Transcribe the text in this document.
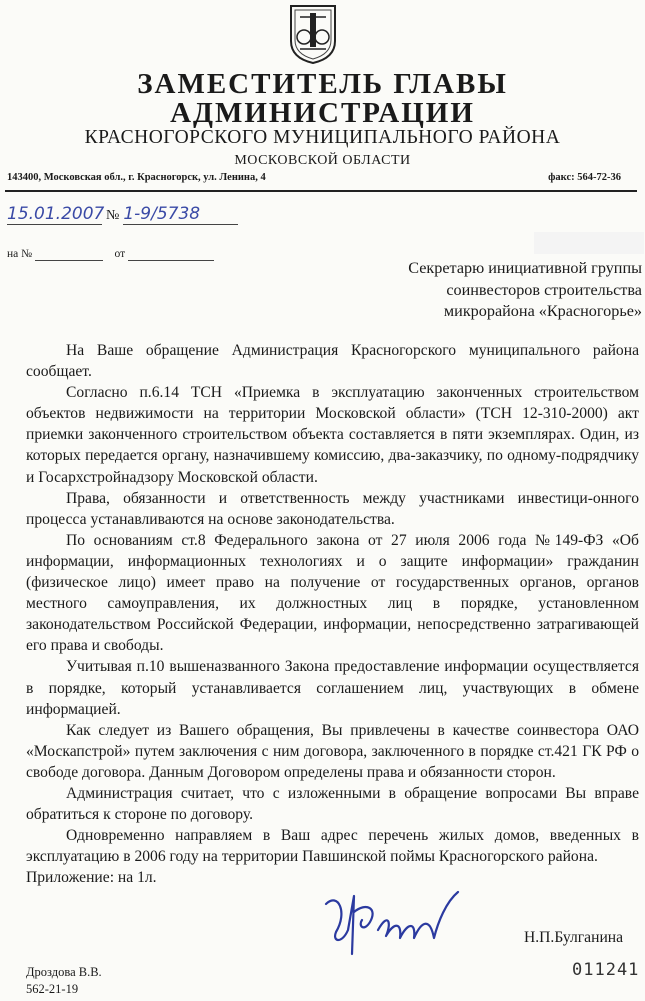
ЗАМЕСТИТЕЛЬ ГЛАВЫ
АДМИНИСТРАЦИИ
КРАСНОГОРСКОГО МУНИЦИПАЛЬНОГО РАЙОНА
МОСКОВСКОЙ ОБЛАСТИ
143400, Московская обл., г. Красногорск, ул. Ленина, 4	факс: 564-72-36
15.01.2007 № 1-9/5738
на №	от
Секретарю инициативной группы
соинвесторов строительства
микрорайона «Красногорье»

На Ваше обращение Администрация Красногорского муниципального района сообщает.

Согласно п.6.14 ТСН «Приемка в эксплуатацию законченных строительством объектов недвижимости на территории Московской области» (ТСН 12-310-2000) акт приемки законченного строительством объекта составляется в пяти экземплярах. Один, из которых передается органу, назначившему комиссию, два-заказчику, по одному-подрядчику и Госархстройнадзору Московской области.

Права, обязанности и ответственность между участниками инвестици-онного процесса устанавливаются на основе законодательства.

По основаниям ст.8 Федерального закона от 27 июля 2006 года №149-ФЗ «Об информации, информационных технологиях и о защите информации» гражданин (физическое лицо) имеет право на получение от государственных органов, органов местного самоуправления, их должностных лиц в порядке, установленном законодательством Российской Федерации, информации, непосредственно затрагивающей его права и свободы.

Учитывая п.10 вышеназванного Закона предоставление информации осуществляется в порядке, который устанавливается соглашением лиц, участвующих в обмене информацией.

Как следует из Вашего обращения, Вы привлечены в качестве соинвестора ОАО «Москапстрой» путем заключения с ним договора, заключенного в порядке ст.421 ГК РФ о свободе договора. Данным Договором определены права и обязанности сторон.

Администрация считает, что с изложенными в обращение вопросами Вы вправе обратиться к стороне по договору.

Одновременно направляем в Ваш адрес перечень жилых домов, введенных в эксплуатацию в 2006 году на территории Павшинской поймы Красногорского района.

Приложение: на 1л.

Н.П.Булганина
Дроздова В.В.
562-21-19
011241
